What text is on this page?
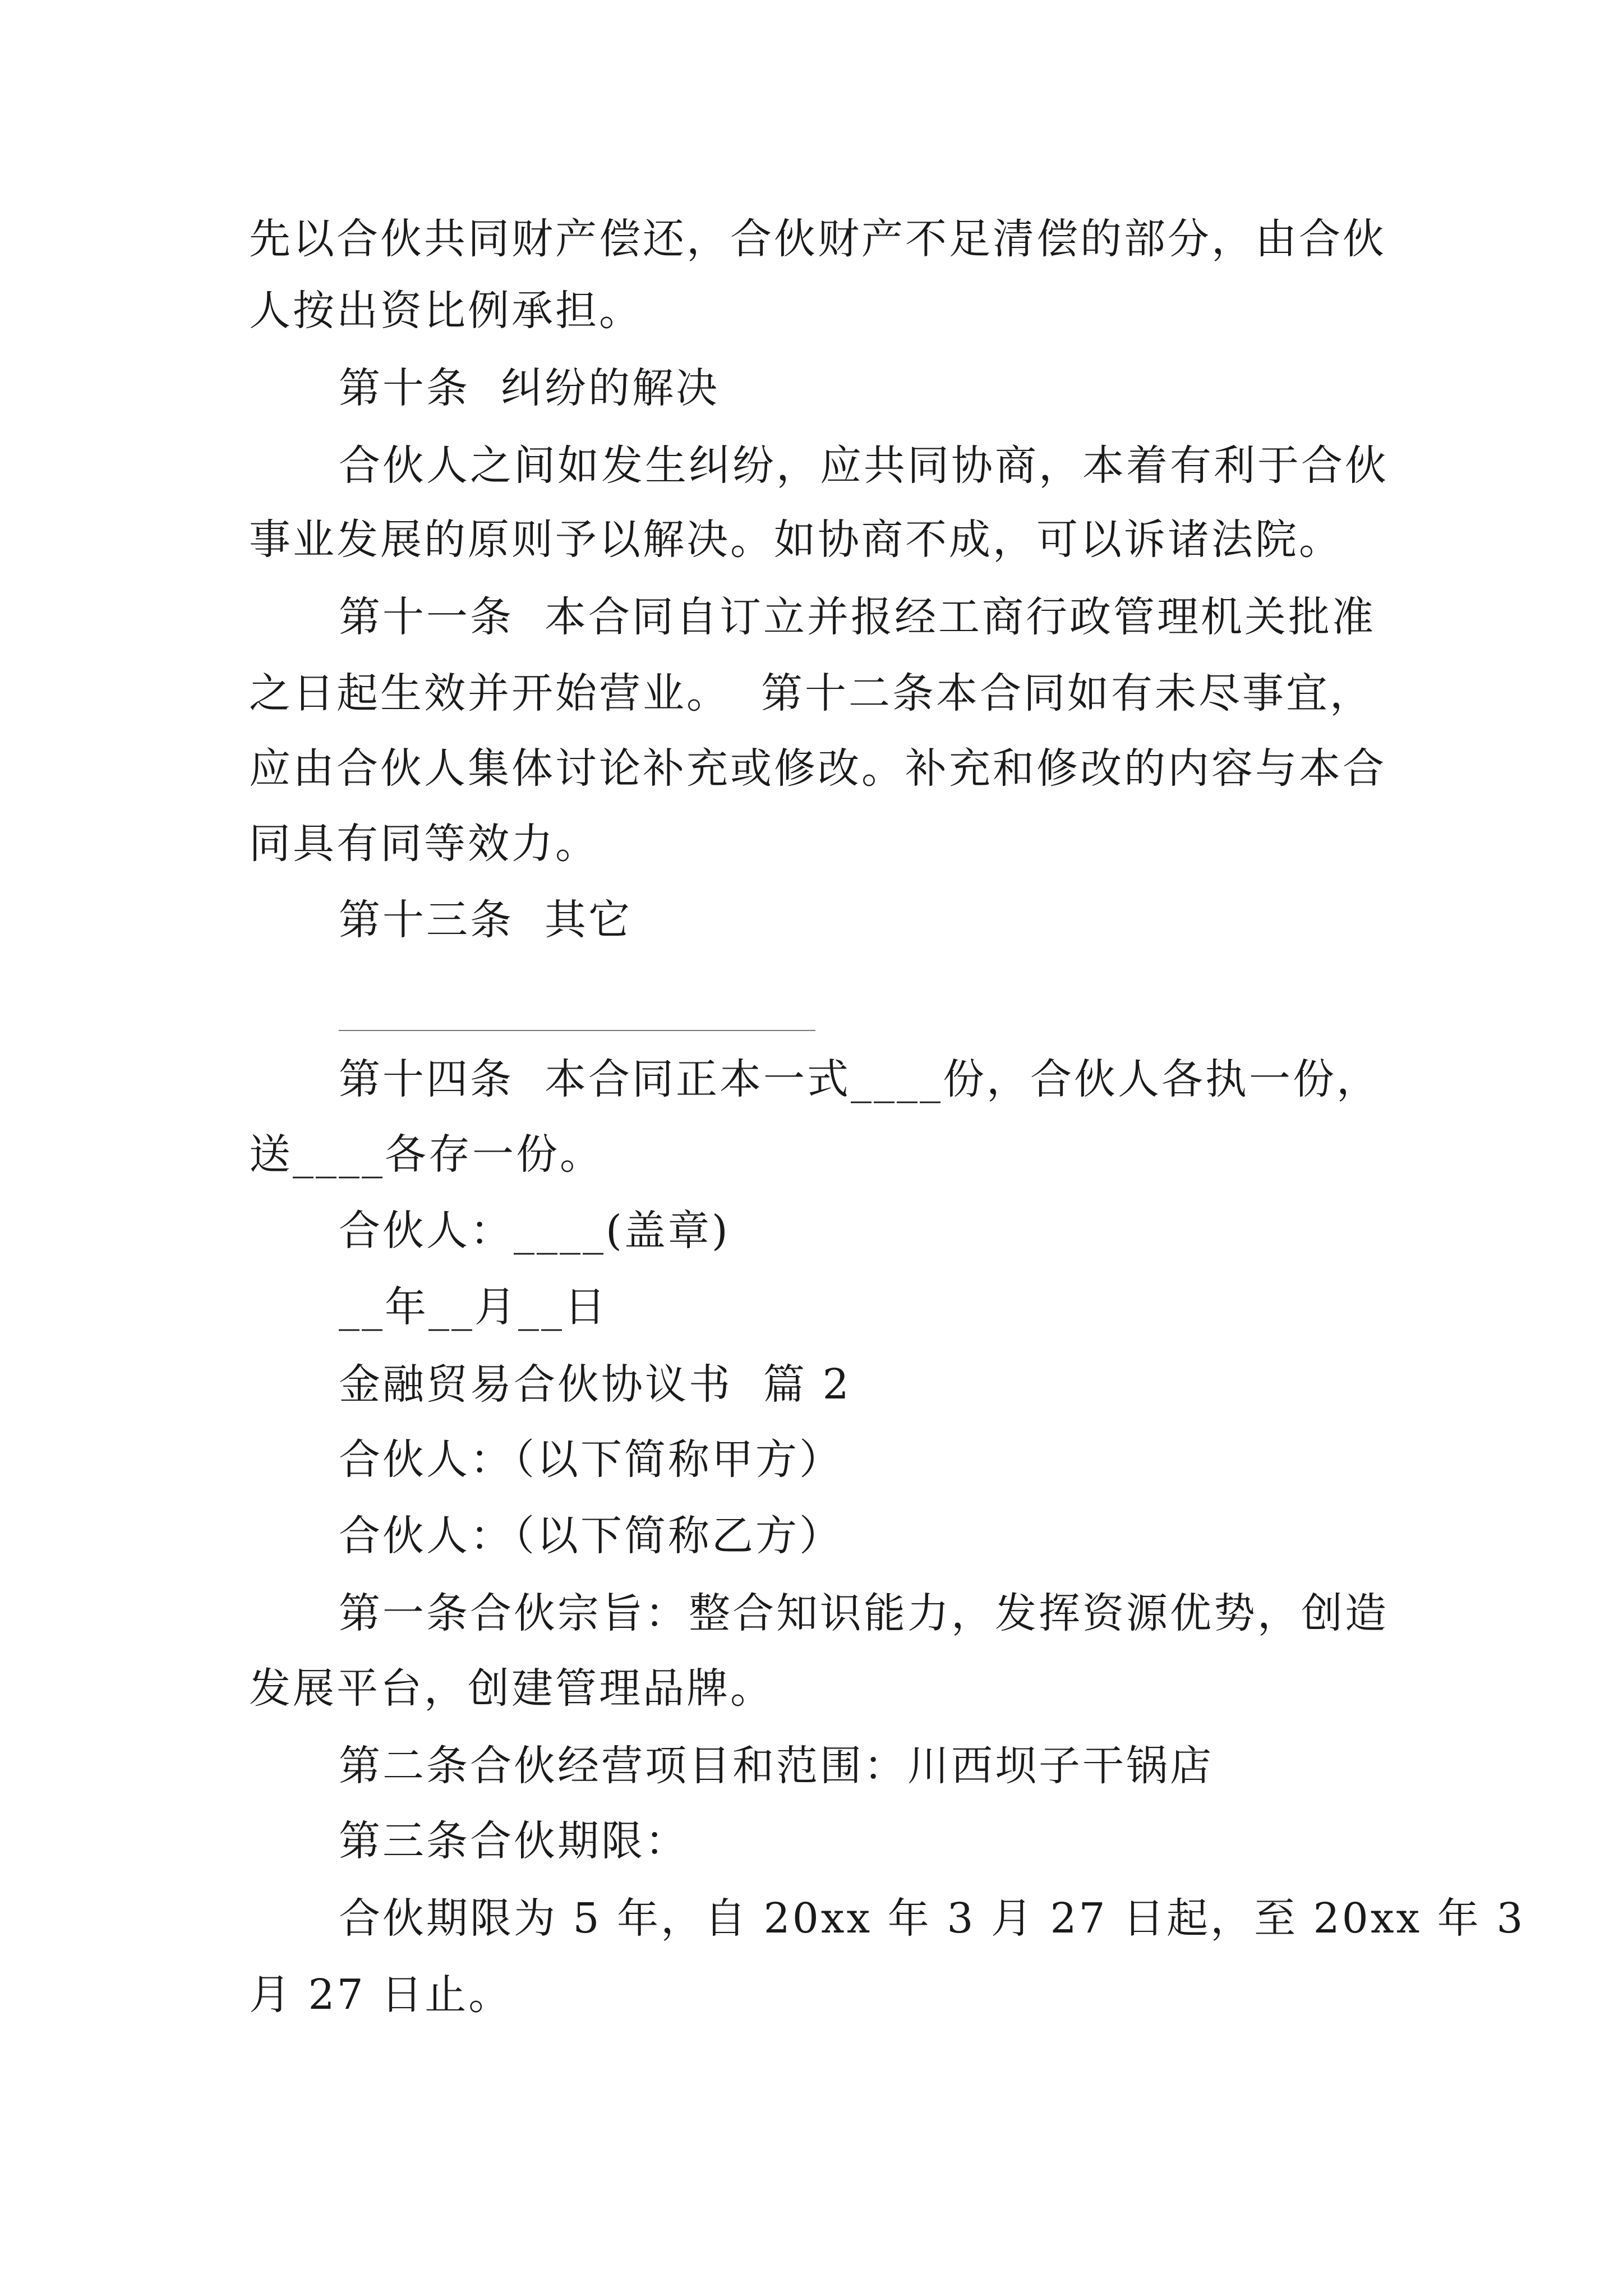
先以合伙共同财产偿还，合伙财产不足清偿的部分，由合伙
人按出资比例承担。
第十条  纠纷的解决
合伙人之间如发生纠纷，应共同协商，本着有利于合伙
事业发展的原则予以解决。如协商不成，可以诉诸法院。
第十一条  本合同自订立并报经工商行政管理机关批准
之日起生效并开始营业。  第十二条本合同如有未尽事宜，
应由合伙人集体讨论补充或修改。补充和修改的内容与本合
同具有同等效力。
第十三条  其它
第十四条  本合同正本一式____份，合伙人各执一份，
送____各存一份。
合伙人：____(盖章)
__年__月__日
金融贸易合伙协议书  篇 2
合伙人：（以下简称甲方）
合伙人：（以下简称乙方）
第一条合伙宗旨：整合知识能力，发挥资源优势，创造
发展平台，创建管理品牌。
第二条合伙经营项目和范围：川西坝子干锅店
第三条合伙期限：
合伙期限为 5 年，自 20xx 年 3 月 27 日起，至 20xx 年 3
月 27 日止。
